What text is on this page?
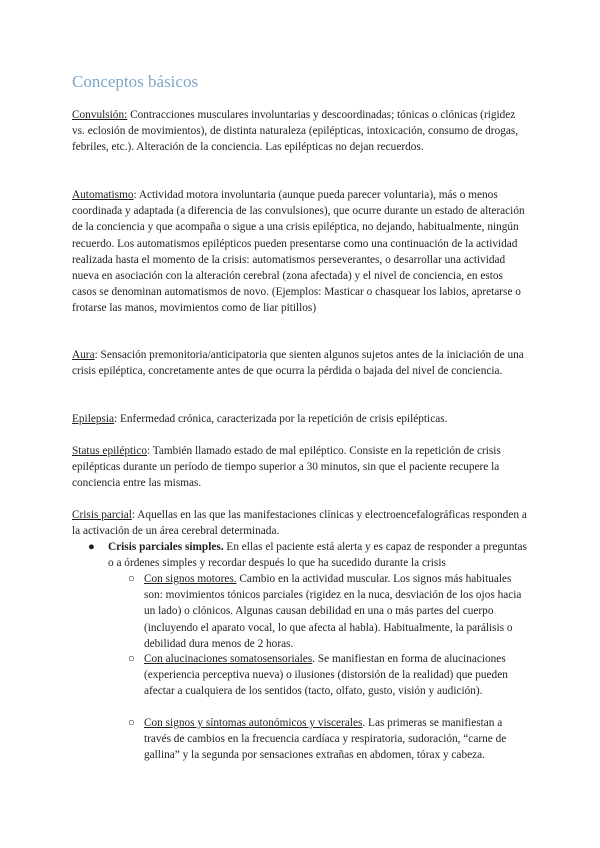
Conceptos básicos
Convulsión: Contracciones musculares involuntarias y descoordinadas; tónicas o clónicas (rigidez vs. eclosión de movimientos), de distinta naturaleza (epilépticas, intoxicación, consumo de drogas, febriles, etc.). Alteración de la conciencia. Las epilépticas no dejan recuerdos.
Automatismo: Actividad motora involuntaria (aunque pueda parecer voluntaria), más o menos coordinada y adaptada (a diferencia de las convulsiones), que ocurre durante un estado de alteración de la conciencia y que acompaña o sigue a una crisis epiléptica, no dejando, habitualmente, ningún recuerdo. Los automatismos epilépticos pueden presentarse como una continuación de la actividad realizada hasta el momento de la crisis: automatismos perseverantes, o desarrollar una actividad nueva en asociación con la alteración cerebral (zona afectada) y el nivel de conciencia, en estos casos se denominan automatismos de novo. (Ejemplos: Masticar o chasquear los labios, apretarse o frotarse las manos, movimientos como de liar pitillos)
Aura: Sensación premonitoria/anticipatoria que sienten algunos sujetos antes de la iniciación de una crisis epiléptica, concretamente antes de que ocurra la pérdida o bajada del nivel de conciencia.
Epilepsia: Enfermedad crónica, caracterizada por la repetición de crisis epilépticas.
Status epiléptico: También llamado estado de mal epiléptico. Consiste en la repetición de crisis epilépticas durante un período de tiempo superior a 30 minutos, sin que el paciente recupere la conciencia entre las mismas.
Crisis parcial: Aquellas en las que las manifestaciones clínicas y electroencefalográficas responden a la activación de un área cerebral determinada.
● Crisis parciales simples. En ellas el paciente está alerta y es capaz de responder a preguntas o a órdenes simples y recordar después lo que ha sucedido durante la crisis
○ Con signos motores. Cambio en la actividad muscular. Los signos más habituales son: movimientos tónicos parciales (rigidez en la nuca, desviación de los ojos hacia un lado) o clónicos. Algunas causan debilidad en una o más partes del cuerpo (incluyendo el aparato vocal, lo que afecta al habla). Habitualmente, la parálisis o debilidad dura menos de 2 horas.
○ Con alucinaciones somatosensoriales. Se manifiestan en forma de alucinaciones (experiencia perceptiva nueva) o ilusiones (distorsión de la realidad) que pueden afectar a cualquiera de los sentidos (tacto, olfato, gusto, visión y audición).
○ Con signos y síntomas autonómicos y viscerales. Las primeras se manifiestan a través de cambios en la frecuencia cardíaca y respiratoria, sudoración, “carne de gallina” y la segunda por sensaciones extrañas en abdomen, tórax y cabeza.
